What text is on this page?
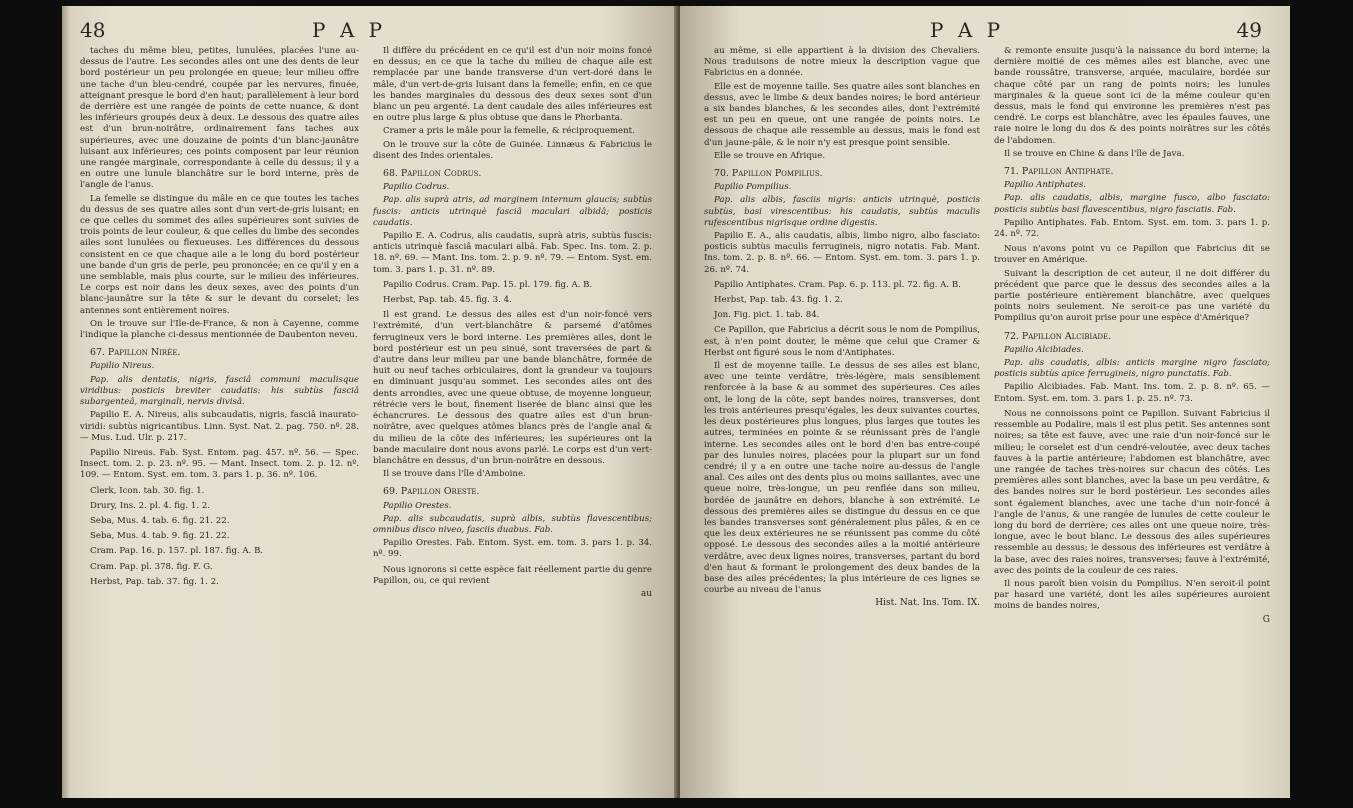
48	P A P

taches du même bleu, petites, lunulées, placées l'une au-dessus de l'autre. Les secondes ailes ont une des dents de leur bord postérieur un peu prolongée en queue; leur milieu offre une tache d'un bleu-cendré, coupée par les nervures, finuée, atteignant presque le bord d'en haut; parallèlement à leur bord de derrière est une rangée de points de cette nuance, & dont les inférieurs groupés deux à deux. Le dessous des quatre ailes est d'un brun-noirâtre, ordinairement fans taches aux supérieures, avec une douzaine de points d'un blanc-jaunâtre luisant aux inférieures; ces points composent par leur réunion une rangée marginale, correspondante à celle du dessus; il y a en outre une lunule blanchâtre sur le bord interne, près de l'angle de l'anus.

La femelle se distingue du mâle en ce que toutes les taches du dessus de ses quatre ailes sont d'un vert-de-gris luisant; en ce que celles du sommet des ailes supérieures sont suivies de trois points de leur couleur, & que celles du limbe des secondes ailes sont lunulées ou flexueuses. Les différences du dessous consistent en ce que chaque aile a le long du bord postérieur une bande d'un gris de perle, peu prononcée; en ce qu'il y en a une semblable, mais plus courte, sur le milieu des inférieures. Le corps est noir dans les deux sexes, avec des points d'un blanc-jaunâtre sur la tête & sur le devant du corselet; les antennes sont entièrement noires.

On le trouve sur l'Ile-de-France, & non à Cayenne, comme l'indique la planche ci-dessus mentionnée de Daubenton neveu.

67. Papillon Nirée.

Papilio Nireus.

Pap. alis dentatis, nigris, fasciâ communi maculisque viridibus: posticis breviter caudatis: his subtùs fasciâ subargenteâ, marginali, nervis divisâ.

Papilio E. A. Nireus, alis subcaudatis, nigris, fasciâ inaurato-viridi: subtùs nigricantibus. Linn. Syst. Nat. 2. pag. 750. nº. 28. — Mus. Lud. Ulr. p. 217.

Papilio Nireus. Fab. Syst. Entom. pag. 457. nº. 56. — Spec. Insect. tom. 2. p. 23. nº. 95. — Mant. Insect. tom. 2. p. 12. nº. 109. — Entom. Syst. em. tom. 3. pars 1. p. 36. nº. 106.

Clerk, Icon. tab. 30. fig. 1.

Drury, Ins. 2. pl. 4. fig. 1. 2.

Seba, Mus. 4. tab. 6. fig. 21. 22.

Seba, Mus. 4. tab. 9. fig. 21. 22.

Cram. Pap. 16. p. 157. pl. 187. fig. A. B.

Cram. Pap. pl. 378. fig. F. G.

Herbst, Pap. tab. 37. fig. 1. 2.

Il diffère du précédent en ce qu'il est d'un noir moins foncé en dessus; en ce que la tache du milieu de chaque aile est remplacée par une bande transverse d'un vert-doré dans le mâle, d'un vert-de-gris luisant dans la femelle; enfin, en ce que les bandes marginales du dessous des deux sexes sont d'un blanc un peu argenté. La dent caudale des ailes inférieures est en outre plus large & plus obtuse que dans le Phorbanta.

Cramer a pris le mâle pour la femelle, & réciproquement.

On le trouve sur la côte de Guinée. Linnæus & Fabricius le disent des Indes orientales.

68. Papillon Codrus.

Papilio Codrus.

Pap. alis suprà atris, ad marginem internum glaucis; subtùs fuscis: anticis utrinquè fasciâ maculari albidâ; posticis caudatis.

Papilio E. A. Codrus, alis caudatis, suprà atris, subtùs fuscis: anticis utrinquè fasciâ maculari albâ. Fab. Spec. Ins. tom. 2. p. 18. nº. 69. — Mant. Ins. tom. 2. p. 9. nº. 79. — Entom. Syst. em. tom. 3. pars 1. p. 31. nº. 89.

Papilio Codrus. Cram. Pap. 15. pl. 179. fig. A. B.

Herbst, Pap. tab. 45. fig. 3. 4.

Il est grand. Le dessus des ailes est d'un noir-foncé vers l'extrémité, d'un vert-blanchâtre & parsemé d'atômes ferrugineux vers le bord interne. Les premières ailes, dont le bord postérieur est un peu sinué, sont traversées de part & d'autre dans leur milieu par une bande blanchâtre, formée de huit ou neuf taches orbiculaires, dont la grandeur va toujours en diminuant jusqu'au sommet. Les secondes ailes ont des dents arrondies, avec une queue obtuse, de moyenne longueur, rétrécie vers le bout, finement liserée de blanc ainsi que les échancrures. Le dessous des quatre ailes est d'un brun-noirâtre, avec quelques atômes blancs près de l'angle anal & du milieu de la côte des inférieures; les supérieures ont la bande maculaire dont nous avons parlé. Le corps est d'un vert-blanchâtre en dessus, d'un brun-noirâtre en dessous.

Il se trouve dans l'île d'Amboine.

69. Papillon Oreste.

Papilio Orestes.

Pap. alis subcaudatis, suprà albis, subtùs flavescentibus; omnibus disco niveo, fasciis duabus. Fab.

Papilio Orestes. Fab. Entom. Syst. em. tom. 3. pars 1. p. 34. nº. 99.

Nous ignorons si cette espèce fait réellement partie du genre Papillon, ou, ce qui revient

au

P A P	49

au même, si elle appartient à la division des Chevaliers. Nous traduisons de notre mieux la description vague que Fabricius en a donnée.

Elle est de moyenne taille. Ses quatre ailes sont blanches en dessus, avec le limbe & deux bandes noires; le bord antérieur a six bandes blanches, & les secondes ailes, dont l'extrémité est un peu en queue, ont une rangée de points noirs. Le dessous de chaque aile ressemble au dessus, mais le fond est d'un jaune-pâle, & le noir n'y est presque point sensible.

Elle se trouve en Afrique.

70. Papillon Pompilius.

Papilio Pompilius.

Pap. alis albis, fasciis nigris: anticis utrinquè, posticis subtùs, basi virescentibus: his caudatis, subtùs maculis rufescentibus nigrisque ordine digestis.

Papilio E. A., alis caudatis, albis, limbo nigro, albo fasciato: posticis subtùs maculis ferrugineis, nigro notatis. Fab. Mant. Ins. tom. 2. p. 8. nº. 66. — Entom. Syst. em. tom. 3. pars 1. p. 26. nº. 74.

Papilio Antiphates. Cram. Pap. 6. p. 113. pl. 72. fig. A. B.

Herbst, Pap. tab. 43. fig. 1. 2.

Jon. Fig. pict. 1. tab. 84.

Ce Papillon, que Fabricius a décrit sous le nom de Pompilius, est, à n'en point douter, le même que celui que Cramer & Herbst ont figuré sous le nom d'Antiphates.

Il est de moyenne taille. Le dessus de ses ailes est blanc, avec une teinte verdâtre, très-légère, mais sensiblement renforcée à la base & au sommet des supérieures. Ces ailes ont, le long de la côte, sept bandes noires, transverses, dont les trois antérieures presqu'égales, les deux suivantes courtes, les deux postérieures plus longues, plus larges que toutes les autres, terminées en pointe & se réunissant près de l'angle interne. Les secondes ailes ont le bord d'en bas entre-coupé par des lunules noires, placées pour la plupart sur un fond cendré; il y a en outre une tache noire au-dessus de l'angle anal. Ces ailes ont des dents plus ou moins saillantes, avec une queue noire, très-longue, un peu renflée dans son milieu, bordée de jaunâtre en dehors, blanche à son extrémité. Le dessous des premières ailes se distingue du dessus en ce que les bandes transverses sont généralement plus pâles, & en ce que les deux extérieures ne se réunissent pas comme du côté opposé. Le dessous des secondes ailes a la moitié antérieure verdâtre, avec deux lignes noires, transverses, partant du bord d'en haut & formant le prolongement des deux bandes de la base des ailes précédentes; la plus intérieure de ces lignes se courbe au niveau de l'anus

Hist. Nat. Ins. Tom. IX.

& remonte ensuite jusqu'à la naissance du bord interne; la dernière moitié de ces mêmes ailes est blanche, avec une bande roussâtre, transverse, arquée, maculaire, bordée sur chaque côté par un rang de points noirs; les lunules marginales & la queue sont ici de la même couleur qu'en dessus, mais le fond qui environne les premières n'est pas cendré. Le corps est blanchâtre, avec les épaules fauves, une raie noire le long du dos & des points noirâtres sur les côtés de l'abdomen.

Il se trouve en Chine & dans l'île de Java.

71. Papillon Antiphate.

Papilio Antiphates.

Pap. alis caudatis, albis, margine fusco, albo fasciato: posticis subtùs basi flavescentibus, nigro fasciatis. Fab.

Papilio Antiphates. Fab. Entom. Syst. em. tom. 3. pars 1. p. 24. nº. 72.

Nous n'avons point vu ce Papillon que Fabricius dit se trouver en Amérique.

Suivant la description de cet auteur, il ne doit différer du précédent que parce que le dessus des secondes ailes a la partie postérieure entièrement blanchâtre, avec quelques points noirs seulement. Ne seroit-ce pas une variété du Pompilius qu'on auroit prise pour une espèce d'Amérique?

72. Papillon Alcibiade.

Papilio Alcibiades.

Pap. alis caudatis, albis: anticis margine nigro fasciato; posticis subtùs apice ferrugineis, nigro punctatis. Fab.

Papilio Alcibiades. Fab. Mant. Ins. tom. 2. p. 8. nº. 65. — Entom. Syst. em. tom. 3. pars 1. p. 25. nº. 73.

Nous ne connoissons point ce Papillon. Suivant Fabricius il ressemble au Podalire, mais il est plus petit. Ses antennes sont noires; sa tête est fauve, avec une raie d'un noir-foncé sur le milieu; le corselet est d'un cendré-veloutée, avec deux taches fauves à la partie antérieure; l'abdomen est blanchâtre, avec une rangée de taches très-noires sur chacun des côtés. Les premières ailes sont blanches, avec la base un peu verdâtre, & des bandes noires sur le bord postérieur. Les secondes ailes sont également blanches, avec une tache d'un noir-foncé à l'angle de l'anus, & une rangée de lunules de cette couleur le long du bord de derrière; ces ailes ont une queue noire, très-longue, avec le bout blanc. Le dessous des ailes supérieures ressemble au dessus; le dessous des inférieures est verdâtre à la base, avec des raies noires, transverses; fauve à l'extrémité, avec des points de la couleur de ces raies.

Il nous paroît bien voisin du Pompilius. N'en seroit-il point par hasard une variété, dont les ailes supérieures auroient moins de bandes noires,

G
